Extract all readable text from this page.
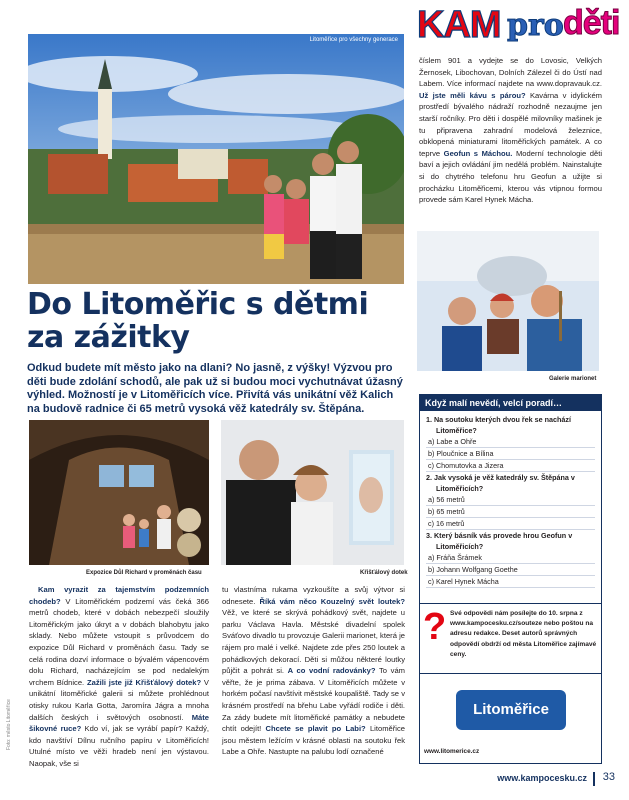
KAM pro děti
Litoměřice pro všechny generace
Do Litoměřic s dětmi
za zážitky
Odkud budete mít město jako na dlani? No jasně, z výšky! Výzvou pro děti bude zdolání schodů, ale pak už si budou moci vychutnávat úžasný výhled. Možností je v Litoměřicích více. Přivítá vás unikátní věž Kalich na budově radnice či 65 metrů vysoká věž katedrály sv. Štěpána.
Galerie marionet
Expozice Důl Richard v proměnách času	Křišťálový dotek
Kam vyrazit za tajemstvím podzemních chodeb? V Litoměřickém podzemí vás čeká 366 metrů chodeb, které v dobách nebezpečí sloužily Litoměřickým jako úkryt a v dobách blahobytu jako sklady. Nebo můžete vstoupit s průvodcem do expozice Důl Richard v proměnách času. Tady se celá rodina dozví informace o bývalém vápencovém dolu Richard, nacházejícím se pod nedalekým vrchem Bídnice. Zažili jste již Křišťálový dotek? V unikátní litoměřické galerii si můžete prohlédnout otisky rukou Karla Gotta, Jaromíra Jágra a mnoha dalších českých i světových osobností. Máte šikovné ruce? Kdo ví, jak se vyrábí papír? Každý, kdo navštíví Dílnu ručního papíru v Litoměřicích! Utulné místo ve věži hradeb není jen výstavou. Naopak, vše si
tu vlastníma rukama vyzkoušíte a svůj výtvor si odnesete. Říká vám něco Kouzelný svět loutek? Věž, ve které se skrývá pohádkový svět, najdete u parku Václava Havla. Městské divadelní spolek Sváťovo divadlo tu provozuje Galerii marionet, která je rájem pro malé i velké. Najdete zde přes 250 loutek a pohádkových dekorací. Děti si můžou některé loutky půjčit a pohrát si. A co vodní radovánky? To vám věřte, že je prima zábava. V Litoměřicích můžete v horkém počasí navštívit městské koupaliště. Tady se v krásném prostředí na břehu Labe vyřádí rodiče i děti. Za zády budete mít litoměřické památky a nebudete chtít odejít! Chcete se plavit po Labi? Litoměřice jsou městem ležícím v krásné oblasti na soutoku řek Labe a Ohře. Nastupte na palubu lodí označené
číslem 901 a vydejte se do Lovosic, Velkých Žernosek, Libochovan, Dolních Zálezel či do Ústí nad Labem. Více informací najdete na www.dopravauk.cz. Už jste měli kávu s párou? Kavárna v idylickém prostředí bývalého nádraží rozhodně nezaujme jen starší ročníky. Pro děti i dospělé milovníky mašinek je tu připravena zahradní modelová železnice, obklopená miniaturami litoměřických památek. A co teprve Geofun s Máchou. Moderní technologie děti baví a jejich ovládání jim nedělá problém. Nainstalujte si do chytrého telefonu hru Geofun a užijte si procházku Litoměřicemi, kterou vás vtipnou formou provede sám Karel Hynek Mácha.
Když malí nevědí, velcí poradí…
1. Na soutoku kterých dvou řek se nachází Litoměřice?
a) Labe a Ohře
b) Ploučnice a Bílina
c) Chomutovka a Jizera
2. Jak vysoká je věž katedrály sv. Štěpána v Litoměřicích?
a) 56 metrů
b) 65 metrů
c) 16 metrů
3. Který básník vás provede hrou Geofun v Litoměřicích?
a) Fráňa Šrámek
b) Johann Wolfgang Goethe
c) Karel Hynek Mácha
? Své odpovědi nám posílejte do 10. srpna z www.kampocesku.cz/souteze nebo poštou na adresu redakce. Deset autorů správných odpovědí obdrží od města Litoměřice zajímavé ceny.
Litoměřice
www.litomerice.cz
Foto: město Litoměřice
www.kampocesku.cz 33
